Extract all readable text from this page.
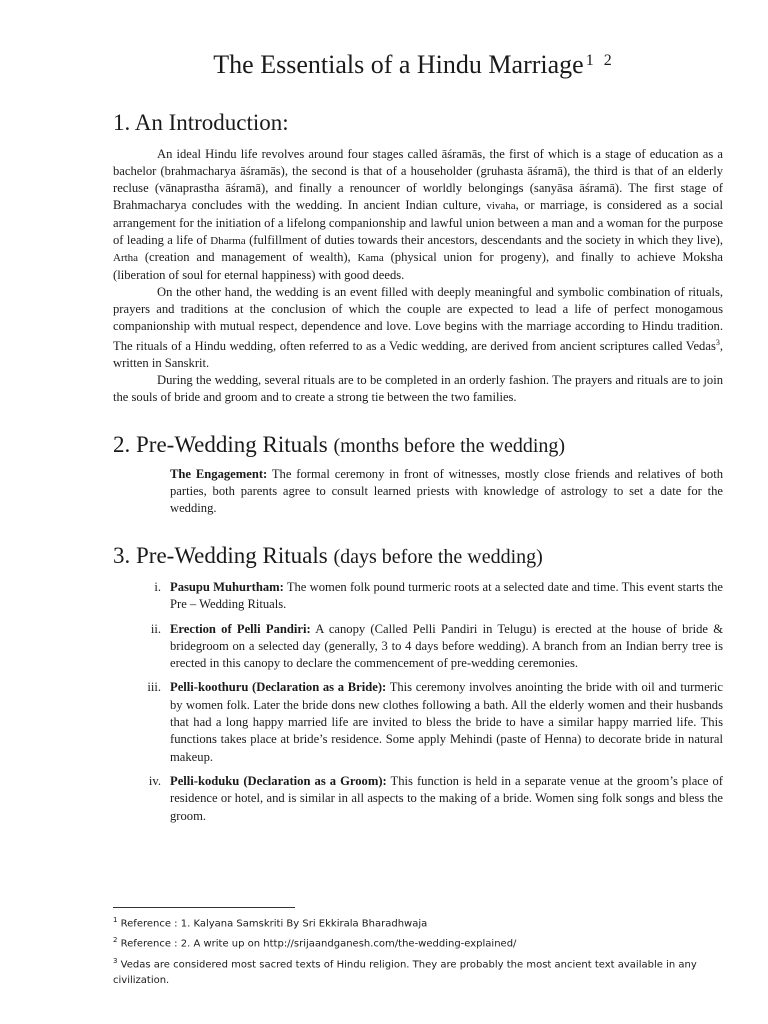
The Essentials of a Hindu Marriage $^{1 2}$
1. An Introduction:

An ideal Hindu life revolves around four stages called āśramās, the first of which is a stage of education as a bachelor (brahmacharya āśramās), the second is that of a householder (gruhasta āśramā), the third is that of an elderly recluse (vānaprastha āśramā), and finally a renouncer of worldly belongings (sanyāsa āśramā). The first stage of Brahmacharya concludes with the wedding. In ancient Indian culture, vivaha, or marriage, is considered as a social arrangement for the initiation of a lifelong companionship and lawful union between a man and a woman for the purpose of leading a life of Dharma (fulfillment of duties towards their ancestors, descendants and the society in which they live), Artha (creation and management of wealth), Kama (physical union for progeny), and finally to achieve Moksha (liberation of soul for eternal happiness) with good deeds.

On the other hand, the wedding is an event filled with deeply meaningful and symbolic combination of rituals, prayers and traditions at the conclusion of which the couple are expected to lead a life of perfect monogamous companionship with mutual respect, dependence and love. Love begins with the marriage according to Hindu tradition. The rituals of a Hindu wedding, often referred to as a Vedic wedding, are derived from ancient scriptures called Vedas$^3$, written in Sanskrit.

During the wedding, several rituals are to be completed in an orderly fashion. The prayers and rituals are to join the souls of bride and groom and to create a strong tie between the two families.

2. Pre-Wedding Rituals (months before the wedding)

The Engagement: The formal ceremony in front of witnesses, mostly close friends and relatives of both parties, both parents agree to consult learned priests with knowledge of astrology to set a date for the wedding.

3. Pre-Wedding Rituals (days before the wedding)
i. Pasupu Muhurtham: The women folk pound turmeric roots at a selected date and time. This event starts the Pre – Wedding Rituals.
ii. Erection of Pelli Pandiri: A canopy (Called Pelli Pandiri in Telugu) is erected at the house of bride & bridegroom on a selected day (generally, 3 to 4 days before wedding). A branch from an Indian berry tree is erected in this canopy to declare the commencement of pre-wedding ceremonies.
iii. Pelli-koothuru (Declaration as a Bride): This ceremony involves anointing the bride with oil and turmeric by women folk. Later the bride dons new clothes following a bath. All the elderly women and their husbands that had a long happy married life are invited to bless the bride to have a similar happy married life. This functions takes place at bride’s residence. Some apply Mehindi (paste of Henna) to decorate bride in natural makeup.
iv. Pelli-koduku (Declaration as a Groom): This function is held in a separate venue at the groom’s place of residence or hotel, and is similar in all aspects to the making of a bride. Women sing folk songs and bless the groom.
$^1$ Reference : 1. Kalyana Samskriti By Sri Ekkirala Bharadhwaja
$^2$ Reference : 2. A write up on http://srijaandganesh.com/the-wedding-explained/
$^3$ Vedas are considered most sacred texts of Hindu religion. They are probably the most ancient text available in any civilization.
